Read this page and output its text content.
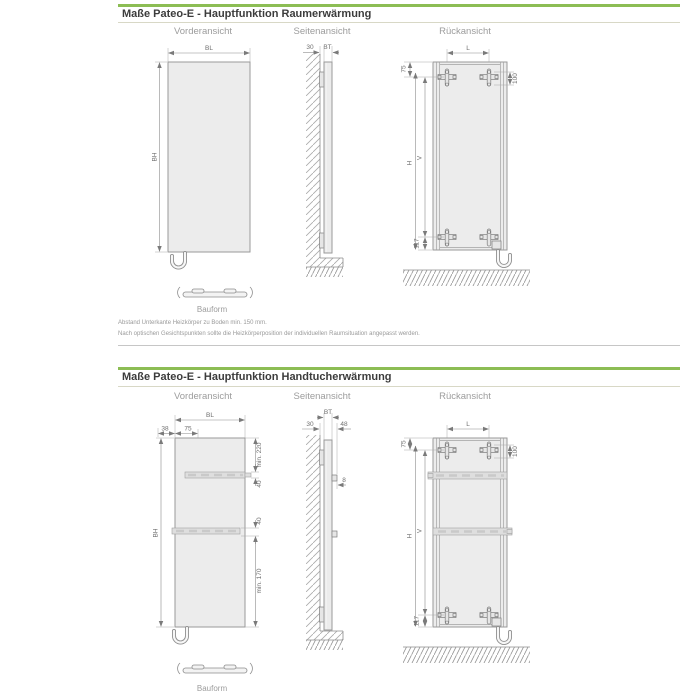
Maße Pateo-E - Hauptfunktion Raumerwärmung
Vorderansicht	Seitenansicht	Rückansicht
BL
BH
Bauform
30 BT	L
75
H
V
117
100
Abstand Unterkante Heizkörper zu Boden min. 150 mm.
Nach optischen Gesichtspunkten sollte die Heizkörperposition der individuellen Raumsituation angepasst werden.
Maße Pateo-E - Hauptfunktion Handtucherwärmung
Vorderansicht	Seitenansicht	Rückansicht
BL
38 75
BH
min. 220
40
40
min. 170
Bauform
BT
30	48
8
L
75
H
V
117
100
